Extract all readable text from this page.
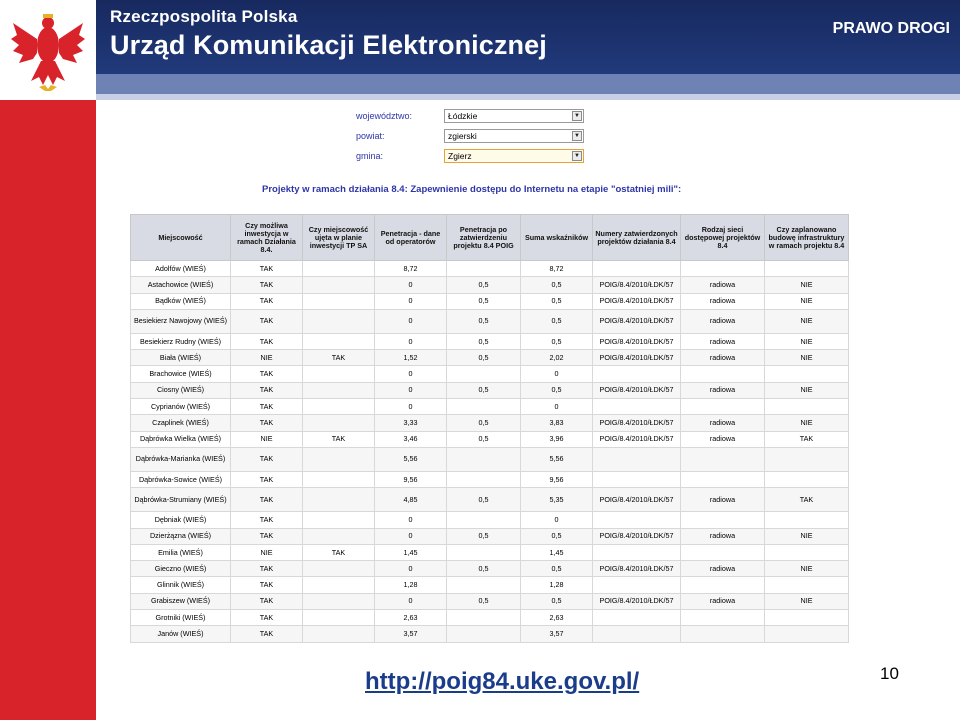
Rzeczpospolita Polska
Urząd Komunikacji Elektronicznej
PRAWO DROGI
województwo:	Łódzkie	▼
powiat:	zgierski	▼
gmina:	Zgierz	▼
Projekty w ramach działania 8.4: Zapewnienie dostępu do Internetu na etapie "ostatniej mili":
Miejscowość	Czy możliwa inwestycja w ramach Działania 8.4.	Czy miejscowość ujęta w planie inwestycji TP SA	Penetracja - dane od operatorów	Penetracja po zatwierdzeniu projektu 8.4 POIG	Suma wskaźników	Numery zatwierdzonych projektów działania 8.4	Rodzaj sieci dostępowej projektów 8.4	Czy zaplanowano budowę infrastruktury w ramach projektu 8.4
Adolfów (WIEŚ)	TAK		8,72		8,72			
Astachowice (WIEŚ)	TAK		0	0,5	0,5	POIG/8.4/2010/ŁDK/57	radiowa	NIE
Bądków (WIEŚ)	TAK		0	0,5	0,5	POIG/8.4/2010/ŁDK/57	radiowa	NIE
Besiekierz Nawojowy (WIEŚ)	TAK		0	0,5	0,5	POIG/8.4/2010/ŁDK/57	radiowa	NIE
Besiekierz Rudny (WIEŚ)	TAK		0	0,5	0,5	POIG/8.4/2010/ŁDK/57	radiowa	NIE
Biała (WIEŚ)	NIE	TAK	1,52	0,5	2,02	POIG/8.4/2010/ŁDK/57	radiowa	NIE
Brachowice (WIEŚ)	TAK		0		0			
Ciosny (WIEŚ)	TAK		0	0,5	0,5	POIG/8.4/2010/ŁDK/57	radiowa	NIE
Cyprianów (WIEŚ)	TAK		0		0			
Czaplinek (WIEŚ)	TAK		3,33	0,5	3,83	POIG/8.4/2010/ŁDK/57	radiowa	NIE
Dąbrówka Wielka (WIEŚ)	NIE	TAK	3,46	0,5	3,96	POIG/8.4/2010/ŁDK/57	radiowa	TAK
Dąbrówka-Marianka (WIEŚ)	TAK		5,56		5,56			
Dąbrówka-Sowice (WIEŚ)	TAK		9,56		9,56			
Dąbrówka-Strumiany (WIEŚ)	TAK		4,85	0,5	5,35	POIG/8.4/2010/ŁDK/57	radiowa	TAK
Dębniak (WIEŚ)	TAK		0		0			
Dzierżązna (WIEŚ)	TAK		0	0,5	0,5	POIG/8.4/2010/ŁDK/57	radiowa	NIE
Emilia (WIEŚ)	NIE	TAK	1,45		1,45			
Gieczno (WIEŚ)	TAK		0	0,5	0,5	POIG/8.4/2010/ŁDK/57	radiowa	NIE
Glinnik (WIEŚ)	TAK		1,28		1,28			
Grabiszew (WIEŚ)	TAK		0	0,5	0,5	POIG/8.4/2010/ŁDK/57	radiowa	NIE
Grotniki (WIEŚ)	TAK		2,63		2,63			
Janów (WIEŚ)	TAK		3,57		3,57			
http://poig84.uke.gov.pl/	10
